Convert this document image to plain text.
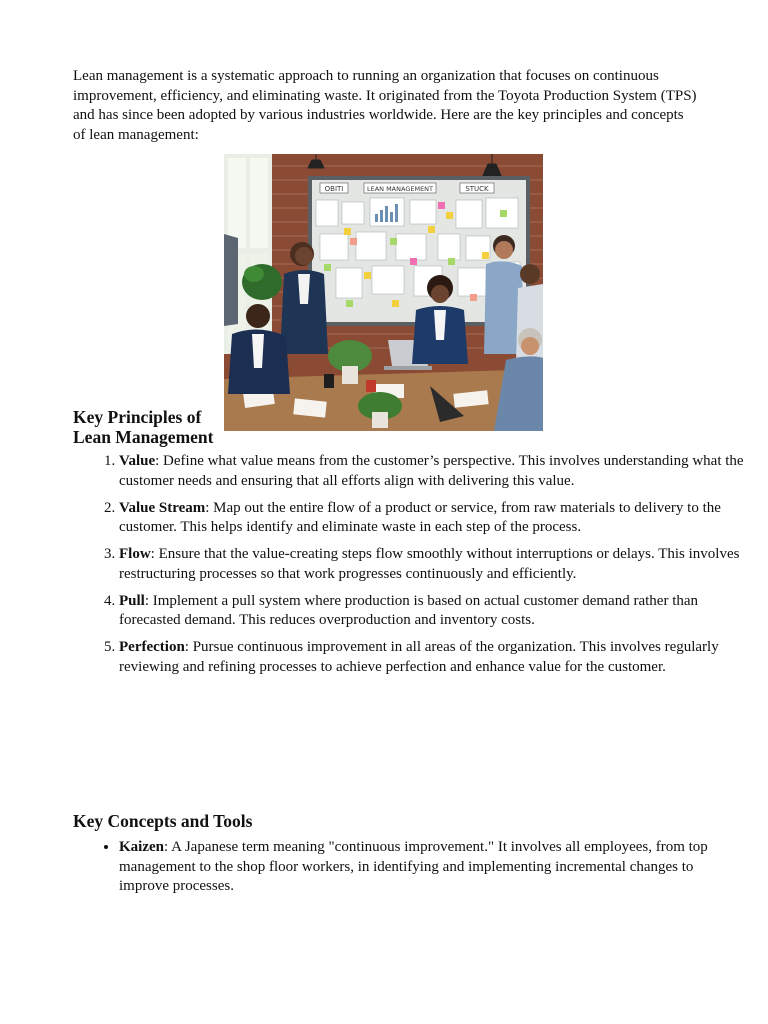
Lean management is a systematic approach to running an organization that focuses on continuous improvement, efficiency, and eliminating waste. It originated from the Toyota Production System (TPS) and has since been adopted by various industries worldwide. Here are the key principles and concepts of lean management:

OBITI	LEAN MANAGEMENT	STUCK
Key Principles of Lean Management
1. Value: Define what value means from the customer’s perspective. This involves understanding what the customer needs and ensuring that all efforts align with delivering this value.
2. Value Stream: Map out the entire flow of a product or service, from raw materials to delivery to the customer. This helps identify and eliminate waste in each step of the process.
3. Flow: Ensure that the value-creating steps flow smoothly without interruptions or delays. This involves restructuring processes so that work progresses continuously and efficiently.
4. Pull: Implement a pull system where production is based on actual customer demand rather than forecasted demand. This reduces overproduction and inventory costs.
5. Perfection: Pursue continuous improvement in all areas of the organization. This involves regularly reviewing and refining processes to achieve perfection and enhance value for the customer.
Key Concepts and Tools
• Kaizen: A Japanese term meaning "continuous improvement." It involves all employees, from top management to the shop floor workers, in identifying and implementing incremental changes to improve processes.
